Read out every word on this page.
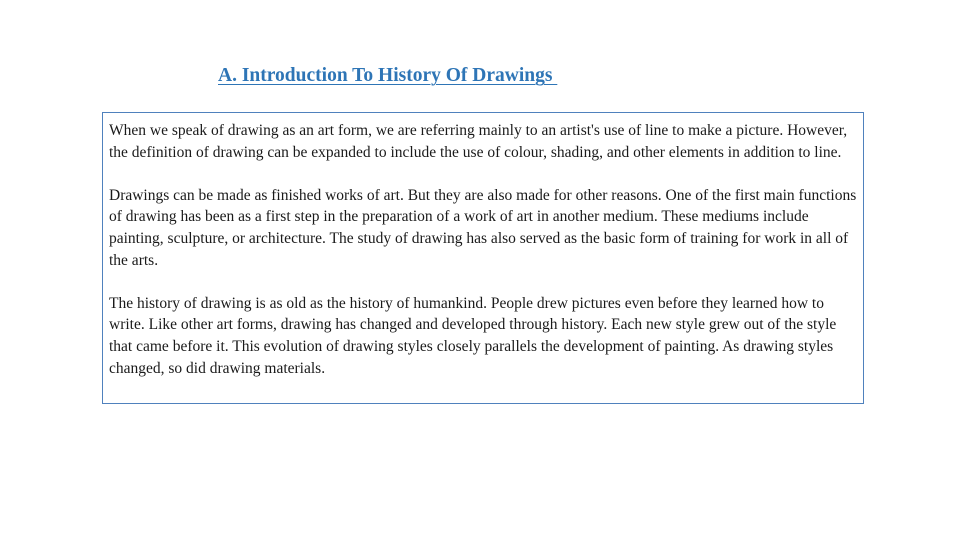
A. Introduction To History Of Drawings

When we speak of drawing as an art form, we are referring mainly to an artist's use of line to make a picture. However, the definition of drawing can be expanded to include the use of colour, shading, and other elements in addition to line.

Drawings can be made as finished works of art. But they are also made for other reasons. One of the first main functions of drawing has been as a first step in the preparation of a work of art in another medium. These mediums include painting, sculpture, or architecture. The study of drawing has also served as the basic form of training for work in all of the arts.

The history of drawing is as old as the history of humankind. People drew pictures even before they learned how to write. Like other art forms, drawing has changed and developed through history. Each new style grew out of the style that came before it. This evolution of drawing styles closely parallels the development of painting. As drawing styles changed, so did drawing materials.
